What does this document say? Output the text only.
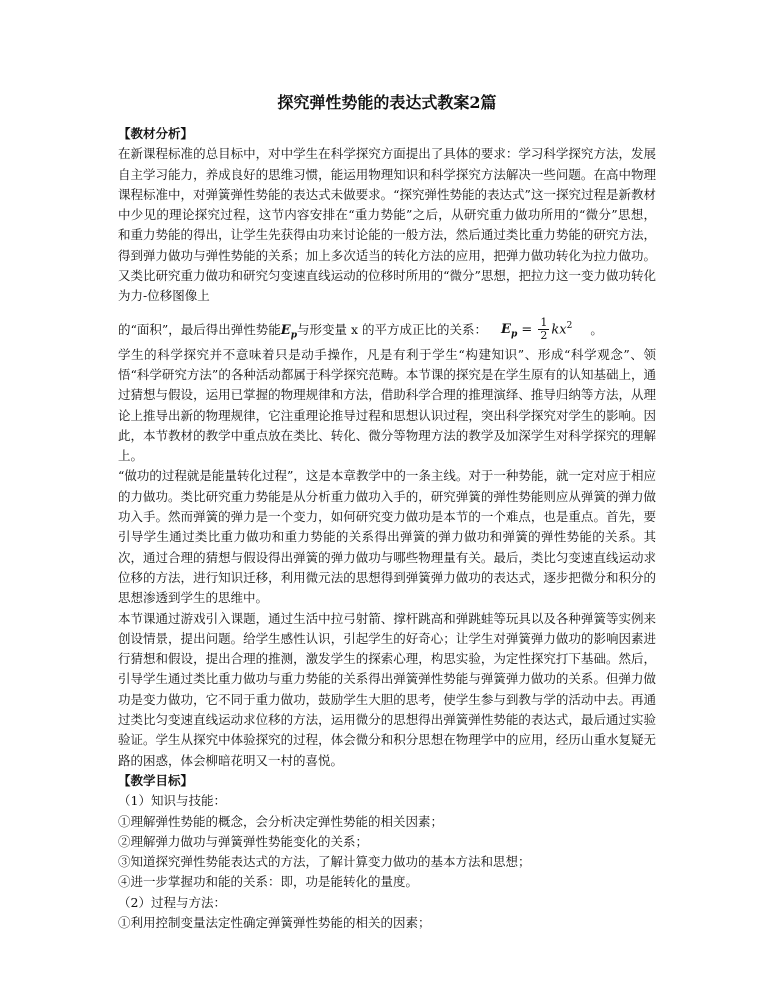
探究弹性势能的表达式教案2篇
【教材分析】

在新课程标准的总目标中，对中学生在科学探究方面提出了具体的要求：学习科学探究方法，发展自主学习能力，养成良好的思维习惯，能运用物理知识和科学探究方法解决一些问题。在高中物理课程标准中，对弹簧弹性势能的表达式未做要求。“探究弹性势能的表达式”这一探究过程是新教材中少见的理论探究过程，这节内容安排在“重力势能”之后，从研究重力做功所用的“微分”思想，和重力势能的得出，让学生先获得由功来讨论能的一般方法，然后通过类比重力势能的研究方法，得到弹力做功与弹性势能的关系；加上多次适当的转化方法的应用，把弹力做功转化为拉力做功。又类比研究重力做功和研究匀变速直线运动的位移时所用的“微分”思想，把拉力这一变力做功转化为力-位移图像上

的“面积”，最后得出弹性势能$E_p$与形变量 x 的平方成正比的关系： $E_p = \frac{1}{2} kx^2$ 。

学生的科学探究并不意味着只是动手操作，凡是有利于学生“构建知识”、形成“科学观念”、领悟“科学研究方法”的各种活动都属于科学探究范畴。本节课的探究是在学生原有的认知基础上，通过猜想与假设，运用已掌握的物理规律和方法，借助科学合理的推理演绎、推导归纳等方法，从理论上推导出新的物理规律，它注重理论推导过程和思想认识过程，突出科学探究对学生的影响。因此，本节教材的教学中重点放在类比、转化、微分等物理方法的教学及加深学生对科学探究的理解上。

“做功的过程就是能量转化过程”，这是本章教学中的一条主线。对于一种势能，就一定对应于相应的力做功。类比研究重力势能是从分析重力做功入手的，研究弹簧的弹性势能则应从弹簧的弹力做功入手。然而弹簧的弹力是一个变力，如何研究变力做功是本节的一个难点，也是重点。首先，要引导学生通过类比重力做功和重力势能的关系得出弹簧的弹力做功和弹簧的弹性势能的关系。其次，通过合理的猜想与假设得出弹簧的弹力做功与哪些物理量有关。最后，类比匀变速直线运动求位移的方法，进行知识迁移，利用微元法的思想得到弹簧弹力做功的表达式，逐步把微分和积分的思想渗透到学生的思维中。

本节课通过游戏引入课题，通过生活中拉弓射箭、撑杆跳高和弹跳蛙等玩具以及各种弹簧等实例来创设情景，提出问题。给学生感性认识，引起学生的好奇心；让学生对弹簧弹力做功的影响因素进行猜想和假设，提出合理的推测，激发学生的探索心理，构思实验，为定性探究打下基础。然后，引导学生通过类比重力做功与重力势能的关系得出弹簧弹性势能与弹簧弹力做功的关系。但弹力做功是变力做功，它不同于重力做功，鼓励学生大胆的思考，使学生参与到教与学的活动中去。再通过类比匀变速直线运动求位移的方法，运用微分的思想得出弹簧弹性势能的表达式，最后通过实验验证。学生从探究中体验探究的过程，体会微分和积分思想在物理学中的应用，经历山重水复疑无路的困惑，体会柳暗花明又一村的喜悦。

【教学目标】
（1）知识与技能：
①理解弹性势能的概念，会分析决定弹性势能的相关因素；
②理解弹力做功与弹簧弹性势能变化的关系；
③知道探究弹性势能表达式的方法，了解计算变力做功的基本方法和思想；
④进一步掌握功和能的关系：即，功是能转化的量度。
（2）过程与方法：
①利用控制变量法定性确定弹簧弹性势能的相关的因素；
